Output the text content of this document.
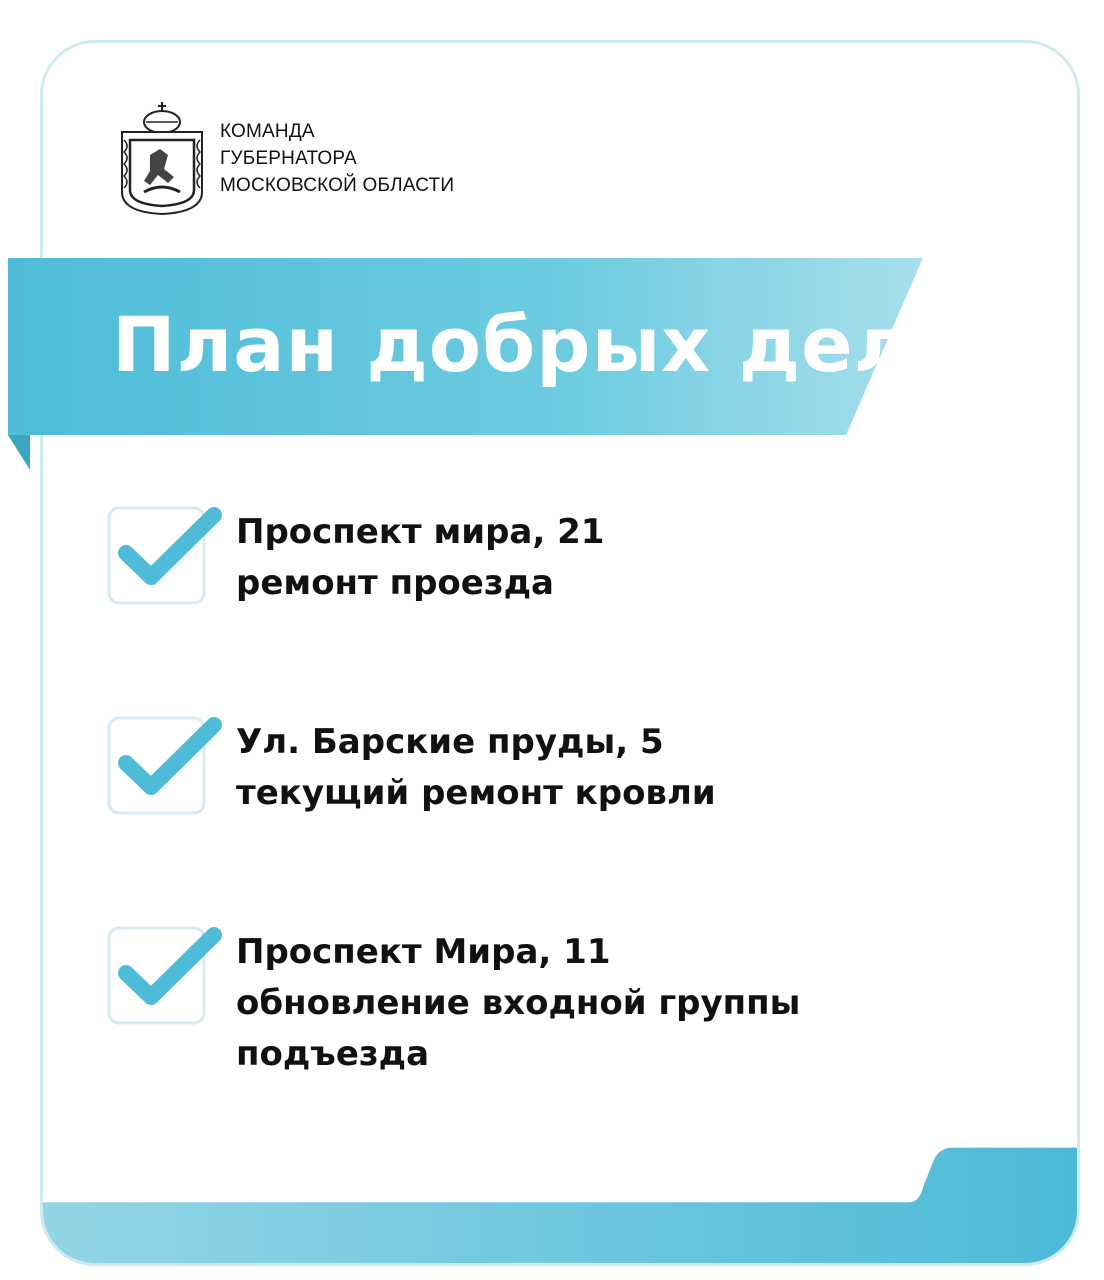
КОМАНДА
ГУБЕРНАТОРА
МОСКОВСКОЙ ОБЛАСТИ
План добрых дел
Проспект мира, 21
ремонт проезда
Ул. Барские пруды, 5
текущий ремонт кровли
Проспект Мира, 11
обновление входной группы
подъезда
